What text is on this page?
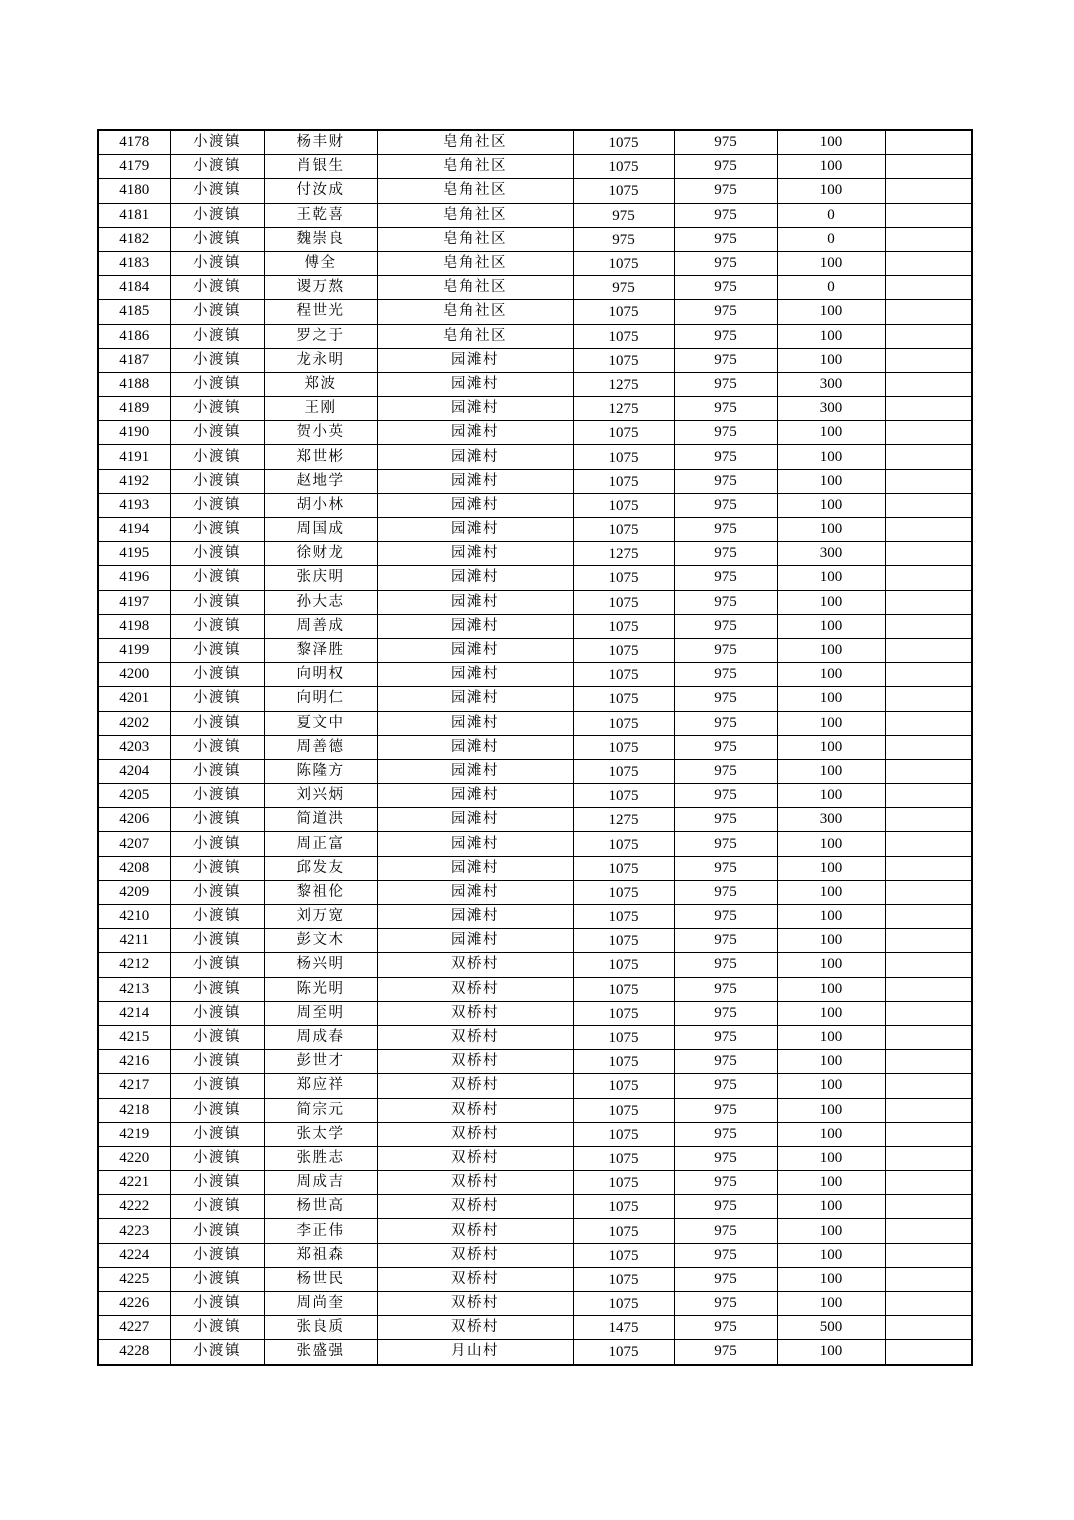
4178	小渡镇	杨丰财	皂角社区	1075	975	100	
4179	小渡镇	肖银生	皂角社区	1075	975	100	
4180	小渡镇	付汝成	皂角社区	1075	975	100	
4181	小渡镇	王乾喜	皂角社区	975	975	0	
4182	小渡镇	魏崇良	皂角社区	975	975	0	
4183	小渡镇	傅全	皂角社区	1075	975	100	
4184	小渡镇	谡万熬	皂角社区	975	975	0	
4185	小渡镇	程世光	皂角社区	1075	975	100	
4186	小渡镇	罗之于	皂角社区	1075	975	100	
4187	小渡镇	龙永明	园滩村	1075	975	100	
4188	小渡镇	郑波	园滩村	1275	975	300	
4189	小渡镇	王刚	园滩村	1275	975	300	
4190	小渡镇	贺小英	园滩村	1075	975	100	
4191	小渡镇	郑世彬	园滩村	1075	975	100	
4192	小渡镇	赵地学	园滩村	1075	975	100	
4193	小渡镇	胡小林	园滩村	1075	975	100	
4194	小渡镇	周国成	园滩村	1075	975	100	
4195	小渡镇	徐财龙	园滩村	1275	975	300	
4196	小渡镇	张庆明	园滩村	1075	975	100	
4197	小渡镇	孙大志	园滩村	1075	975	100	
4198	小渡镇	周善成	园滩村	1075	975	100	
4199	小渡镇	黎泽胜	园滩村	1075	975	100	
4200	小渡镇	向明权	园滩村	1075	975	100	
4201	小渡镇	向明仁	园滩村	1075	975	100	
4202	小渡镇	夏文中	园滩村	1075	975	100	
4203	小渡镇	周善德	园滩村	1075	975	100	
4204	小渡镇	陈隆方	园滩村	1075	975	100	
4205	小渡镇	刘兴炳	园滩村	1075	975	100	
4206	小渡镇	简道洪	园滩村	1275	975	300	
4207	小渡镇	周正富	园滩村	1075	975	100	
4208	小渡镇	邱发友	园滩村	1075	975	100	
4209	小渡镇	黎祖伦	园滩村	1075	975	100	
4210	小渡镇	刘万宽	园滩村	1075	975	100	
4211	小渡镇	彭文木	园滩村	1075	975	100	
4212	小渡镇	杨兴明	双桥村	1075	975	100	
4213	小渡镇	陈光明	双桥村	1075	975	100	
4214	小渡镇	周至明	双桥村	1075	975	100	
4215	小渡镇	周成春	双桥村	1075	975	100	
4216	小渡镇	彭世才	双桥村	1075	975	100	
4217	小渡镇	郑应祥	双桥村	1075	975	100	
4218	小渡镇	简宗元	双桥村	1075	975	100	
4219	小渡镇	张太学	双桥村	1075	975	100	
4220	小渡镇	张胜志	双桥村	1075	975	100	
4221	小渡镇	周成吉	双桥村	1075	975	100	
4222	小渡镇	杨世高	双桥村	1075	975	100	
4223	小渡镇	李正伟	双桥村	1075	975	100	
4224	小渡镇	郑祖森	双桥村	1075	975	100	
4225	小渡镇	杨世民	双桥村	1075	975	100	
4226	小渡镇	周尚奎	双桥村	1075	975	100	
4227	小渡镇	张良质	双桥村	1475	975	500	
4228	小渡镇	张盛强	月山村	1075	975	100	
